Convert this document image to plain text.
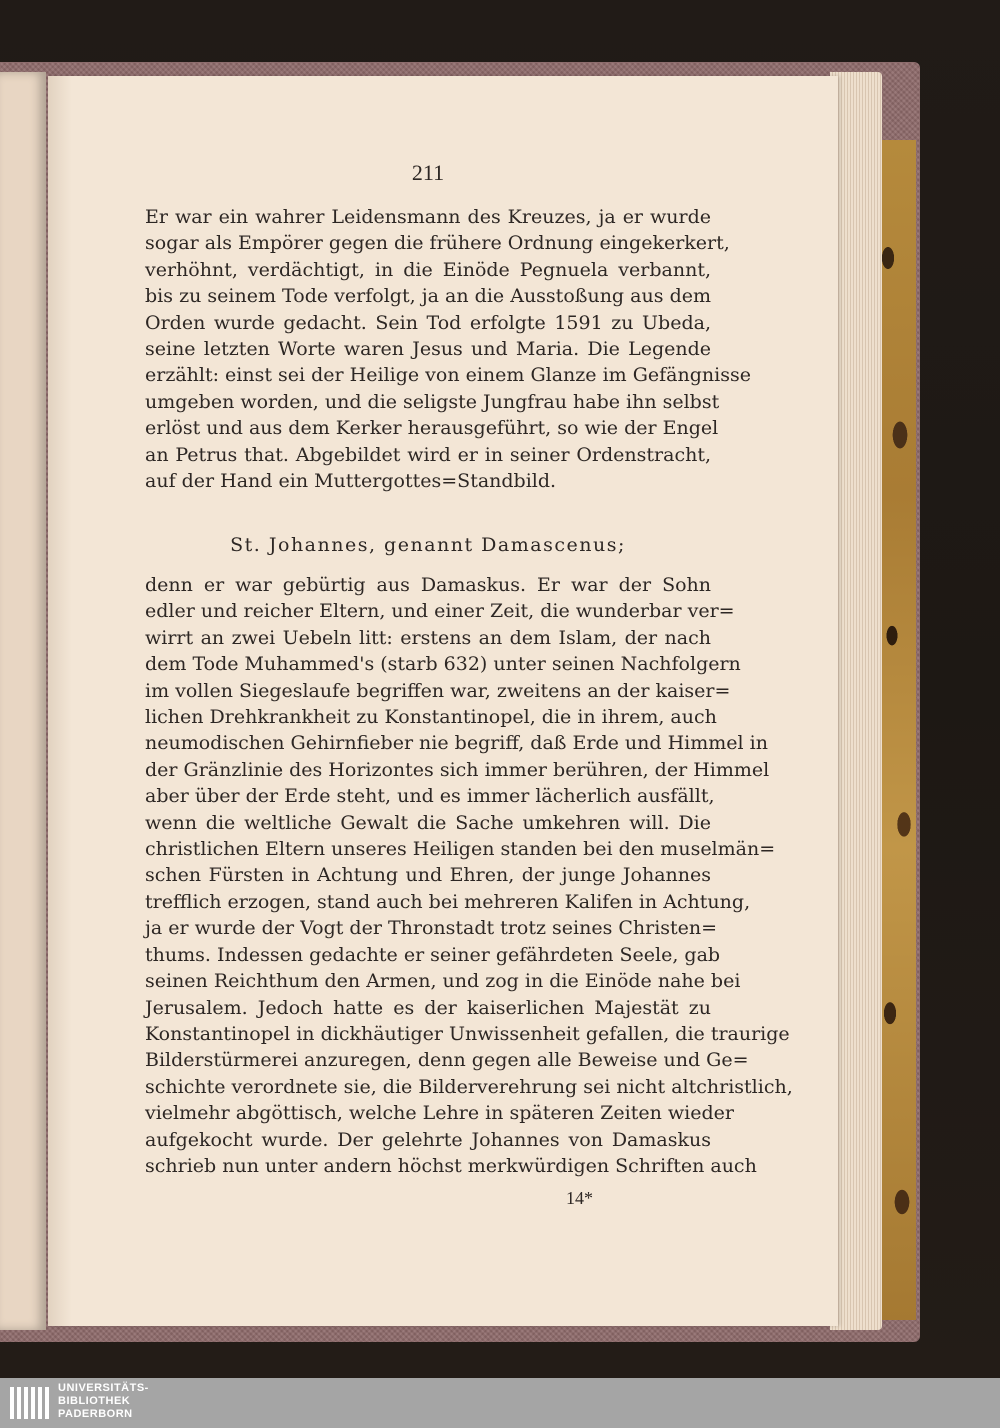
211

Er war ein wahrer Leidensmann des Kreuzes, ja er wurde
sogar als Empörer gegen die frühere Ordnung eingekerkert,
verhöhnt, verdächtigt, in die Einöde Pegnuela verbannt,
bis zu seinem Tode verfolgt, ja an die Ausstoßung aus dem
Orden wurde gedacht. Sein Tod erfolgte 1591 zu Ubeda,
seine letzten Worte waren Jesus und Maria. Die Legende
erzählt: einst sei der Heilige von einem Glanze im Gefängnisse
umgeben worden, und die seligste Jungfrau habe ihn selbst
erlöst und aus dem Kerker herausgeführt, so wie der Engel
an Petrus that. Abgebildet wird er in seiner Ordenstracht,
auf der Hand ein Muttergottes=Standbild.

St. Johannes, genannt Damascenus;

denn er war gebürtig aus Damaskus. Er war der Sohn
edler und reicher Eltern, und einer Zeit, die wunderbar ver=
wirrt an zwei Uebeln litt: erstens an dem Islam, der nach
dem Tode Muhammed's (starb 632) unter seinen Nachfolgern
im vollen Siegeslaufe begriffen war, zweitens an der kaiser=
lichen Drehkrankheit zu Konstantinopel, die in ihrem, auch
neumodischen Gehirnfieber nie begriff, daß Erde und Himmel in
der Gränzlinie des Horizontes sich immer berühren, der Himmel
aber über der Erde steht, und es immer lächerlich ausfällt,
wenn die weltliche Gewalt die Sache umkehren will. Die
christlichen Eltern unseres Heiligen standen bei den muselmän=
schen Fürsten in Achtung und Ehren, der junge Johannes
trefflich erzogen, stand auch bei mehreren Kalifen in Achtung,
ja er wurde der Vogt der Thronstadt trotz seines Christen=
thums. Indessen gedachte er seiner gefährdeten Seele, gab
seinen Reichthum den Armen, und zog in die Einöde nahe bei
Jerusalem. Jedoch hatte es der kaiserlichen Majestät zu
Konstantinopel in dickhäutiger Unwissenheit gefallen, die traurige
Bilderstürmerei anzuregen, denn gegen alle Beweise und Ge=
schichte verordnete sie, die Bilderverehrung sei nicht altchristlich,
vielmehr abgöttisch, welche Lehre in späteren Zeiten wieder
aufgekocht wurde. Der gelehrte Johannes von Damaskus
schrieb nun unter andern höchst merkwürdigen Schriften auch

14*
UNIVERSITÄTS-
BIBLIOTHEK
PADERBORN
